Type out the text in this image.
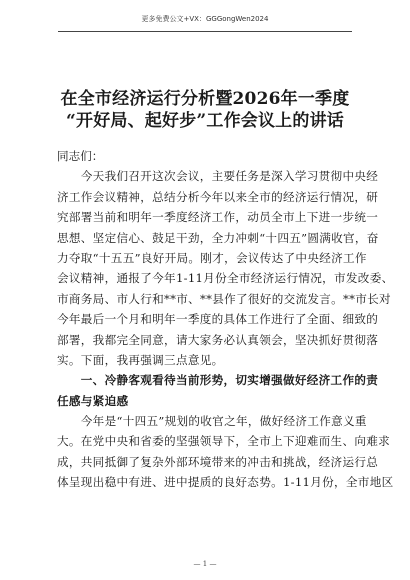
更多免费公文+VX：GGGongWen2024
在全市经济运行分析暨2026年一季度
“开好局、起好步”工作会议上的讲话
同志们：
　　今天我们召开这次会议，主要任务是深入学习贯彻中央经
济工作会议精神，总结分析今年以来全市的经济运行情况，研
究部署当前和明年一季度经济工作，动员全市上下进一步统一
思想、坚定信心、鼓足干劲，全力冲刺“十四五”圆满收官，奋
力夺取“十五五”良好开局。刚才，会议传达了中央经济工作
会议精神，通报了今年1-11月份全市经济运行情况，市发改委、
市商务局、市人行和**市、**县作了很好的交流发言。**市长对
今年最后一个月和明年一季度的具体工作进行了全面、细致的
部署，我都完全同意，请大家务必认真领会，坚决抓好贯彻落
实。下面，我再强调三点意见。
　　一、冷静客观看待当前形势，切实增强做好经济工作的责
任感与紧迫感
　　今年是“十四五”规划的收官之年，做好经济工作意义重
大。在党中央和省委的坚强领导下，全市上下迎难而生、向难求
成，共同抵御了复杂外部环境带来的冲击和挑战，经济运行总
体呈现出稳中有进、进中提质的良好态势。1-11月份，全市地区
— 1 —
